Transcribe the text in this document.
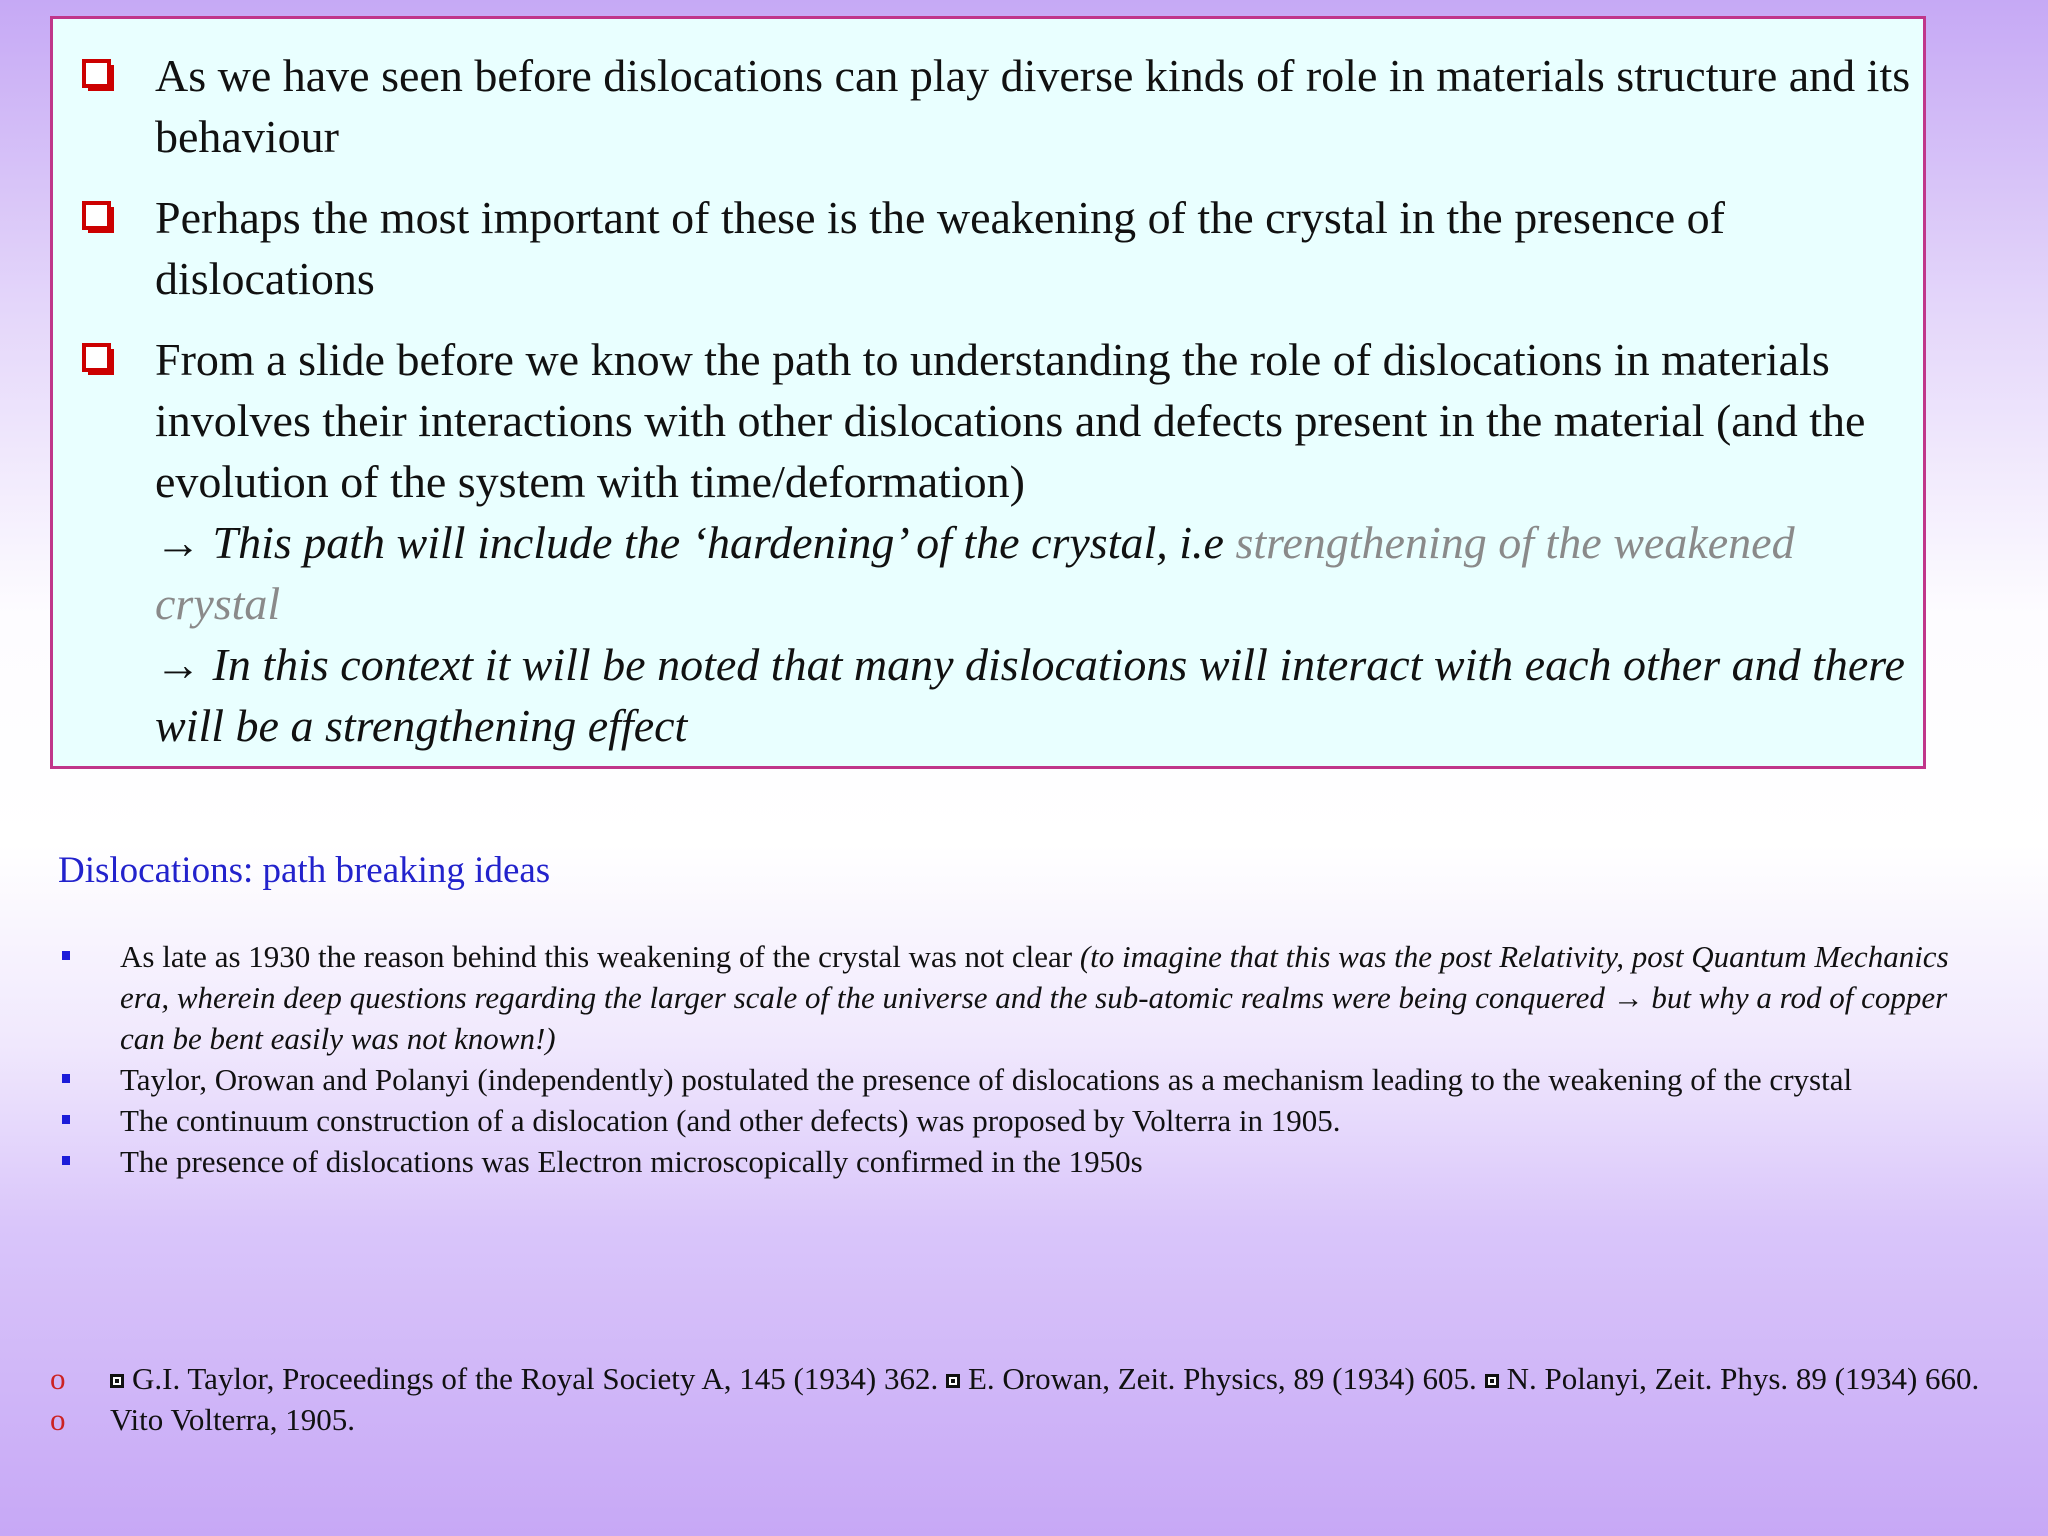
As we have seen before dislocations can play diverse kinds of role in materials structure and its behaviour
Perhaps the most important of these is the weakening of the crystal in the presence of dislocations
From a slide before we know the path to understanding the role of dislocations in materials involves their interactions with other dislocations and defects present in the material (and the evolution of the system with time/deformation)
→ This path will include the ‘hardening’ of the crystal, i.e strengthening of the weakened crystal
→ In this context it will be noted that many dislocations will interact with each other and there will be a strengthening effect
Dislocations: path breaking ideas
As late as 1930 the reason behind this weakening of the crystal was not clear (to imagine that this was the post Relativity, post Quantum Mechanics era, wherein deep questions regarding the larger scale of the universe and the sub-atomic realms were being conquered → but why a rod of copper can be bent easily was not known!)
Taylor, Orowan and Polanyi (independently) postulated the presence of dislocations as a mechanism leading to the weakening of the crystal
The continuum construction of a dislocation (and other defects) was proposed by Volterra in 1905.
The presence of dislocations was Electron microscopically confirmed in the 1950s
o G.I. Taylor, Proceedings of the Royal Society A, 145 (1934) 362. E. Orowan, Zeit. Physics, 89 (1934) 605. N. Polanyi, Zeit. Phys. 89 (1934) 660.
o Vito Volterra, 1905.
